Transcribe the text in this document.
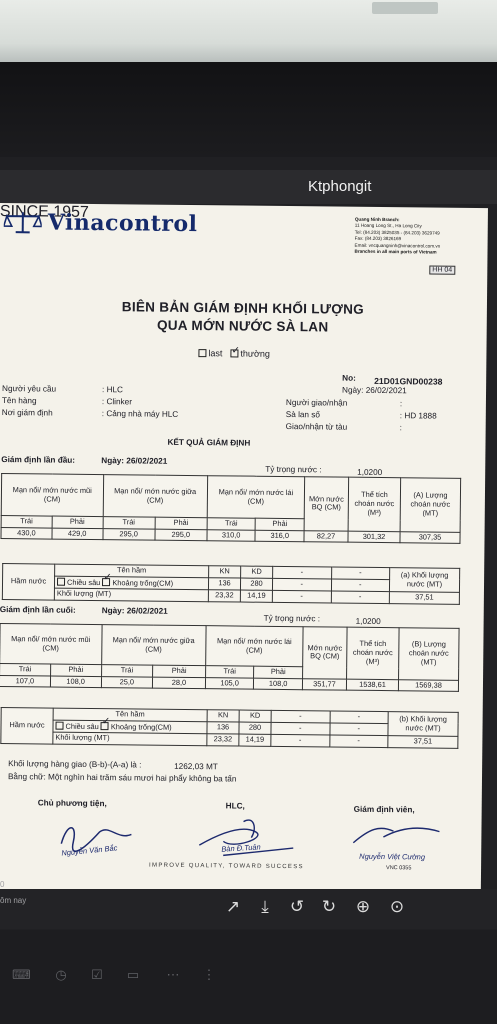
Ktphongit
Vinacontrol
SINCE 1957	Quang Ninh Branch:
11 Hoang Long St., Ha Long City
Tel: (84.203) 3825035 - (84.203) 3629749
Fax: (84.203) 3826169
Email: vncquangninh@vinacontrol.com.vn
Branches in all main ports of Vietnam
HH 04
BIÊN BẢN GIÁM ĐỊNH KHỐI LƯỢNG
QUA MỚN NƯỚC SÀ LAN
last ✓	thường
No: 21D01GND00238
Ngày: 26/02/2021
Người yêu cầu	: HLC
Tên hàng	: Clinker
Nơi giám định	: Cảng nhà máy HLC
Người giao/nhận	:
Sà lan số	: HD 1888
Giao/nhận từ tàu	:
KẾT QUẢ GIÁM ĐỊNH
Giám định lần đầu:	Ngày: 26/02/2021
Tỷ trọng nước :	1,0200
Mạn nổi/ mớn nước mũi (CM)		Mạn nổi/ mớn nước giữa (CM)		Mạn nổi/ mớn nước lái (CM)		Mớn nước BQ (CM)	Thể tích choán nước (M³)	(A) Lượng choán nước (MT)
Trái	Phải	Trái	Phải	Trái	Phải			
430,0	429,0	295,0	295,0	310,0	316,0	82,27	301,32	307,35
Hầm nước	Tên hầm	KN	KD	-	-	(a) Khối lượng nước (MT)
	Chiều sâu ✓ Khoảng trống(CM)	136	280	-	-	
	Khối lượng (MT)	23,32	14,19	-	-	37,51
Giám định lần cuối:	Ngày: 26/02/2021
Tỷ trọng nước :	1,0200
Mạn nổi/ mớn nước mũi (CM)		Mạn nổi/ mớn nước giữa (CM)		Mạn nổi/ mớn nước lái (CM)		Mớn nước BQ (CM)	Thể tích choán nước (M³)	(B) Lượng choán nước (MT)
Trái	Phải	Trái	Phải	Trái	Phải			
107,0	108,0	25,0	28,0	105,0	108,0	351,77	1538,61	1569,38
Hầm nước	Tên hầm	KN	KD	-	-	(b) Khối lượng nước (MT)
	Chiều sâu ✓ Khoảng trống(CM)	136	280	-	-	
	Khối lượng (MT)	23,32	14,19	-	-	37,51
Khối lượng hàng giao (B-b)-(A-a) là :	1262,03 MT
Bằng chữ: Một nghìn hai trăm sáu mươi hai phẩy không ba tấn
Chủ phương tiện,	HLC,	Giám định viên,
Nguyễn Văn Bắc	Bàn Đ.Tuân
Nguyễn Việt Cường
VNC 0355
IMPROVE QUALITY, TOWARD SUCCESS
0
ôm nay	↗	⤓	↺ ↻ ⊕ ⊙
⌨ ◷ ☑ ▭ ⋯ ⋮
